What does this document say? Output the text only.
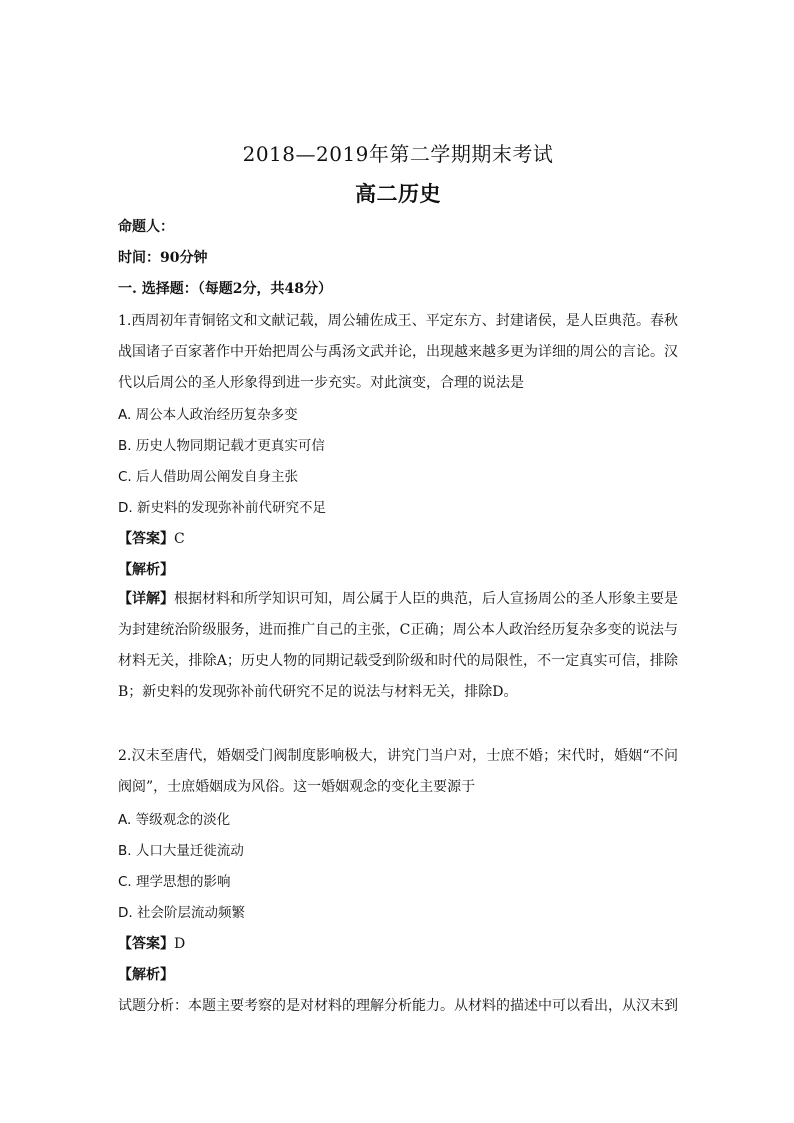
2018—2019年第二学期期末考试
高二历史
命题人：
时间：90分钟
一. 选择题：（每题2分，共48分）
1.西周初年青铜铭文和文献记载，周公辅佐成王、平定东方、封建诸侯，是人臣典范。春秋战国诸子百家著作中开始把周公与禹汤文武并论，出现越来越多更为详细的周公的言论。汉代以后周公的圣人形象得到进一步充实。对此演变，合理的说法是
A. 周公本人政治经历复杂多变
B. 历史人物同期记载才更真实可信
C. 后人借助周公阐发自身主张
D. 新史料的发现弥补前代研究不足
【答案】C
【解析】
【详解】根据材料和所学知识可知，周公属于人臣的典范，后人宣扬周公的圣人形象主要是为封建统治阶级服务，进而推广自己的主张，C正确；周公本人政治经历复杂多变的说法与材料无关，排除A；历史人物的同期记载受到阶级和时代的局限性，不一定真实可信，排除B；新史料的发现弥补前代研究不足的说法与材料无关，排除D。
2.汉末至唐代，婚姻受门阀制度影响极大，讲究门当户对，士庶不婚；宋代时，婚姻“不问阀阅”，士庶婚姻成为风俗。这一婚姻观念的变化主要源于
A. 等级观念的淡化
B. 人口大量迁徙流动
C. 理学思想的影响
D. 社会阶层流动频繁
【答案】D
【解析】
试题分析：本题主要考察的是对材料的理解分析能力。从材料的描述中可以看出，从汉末到
